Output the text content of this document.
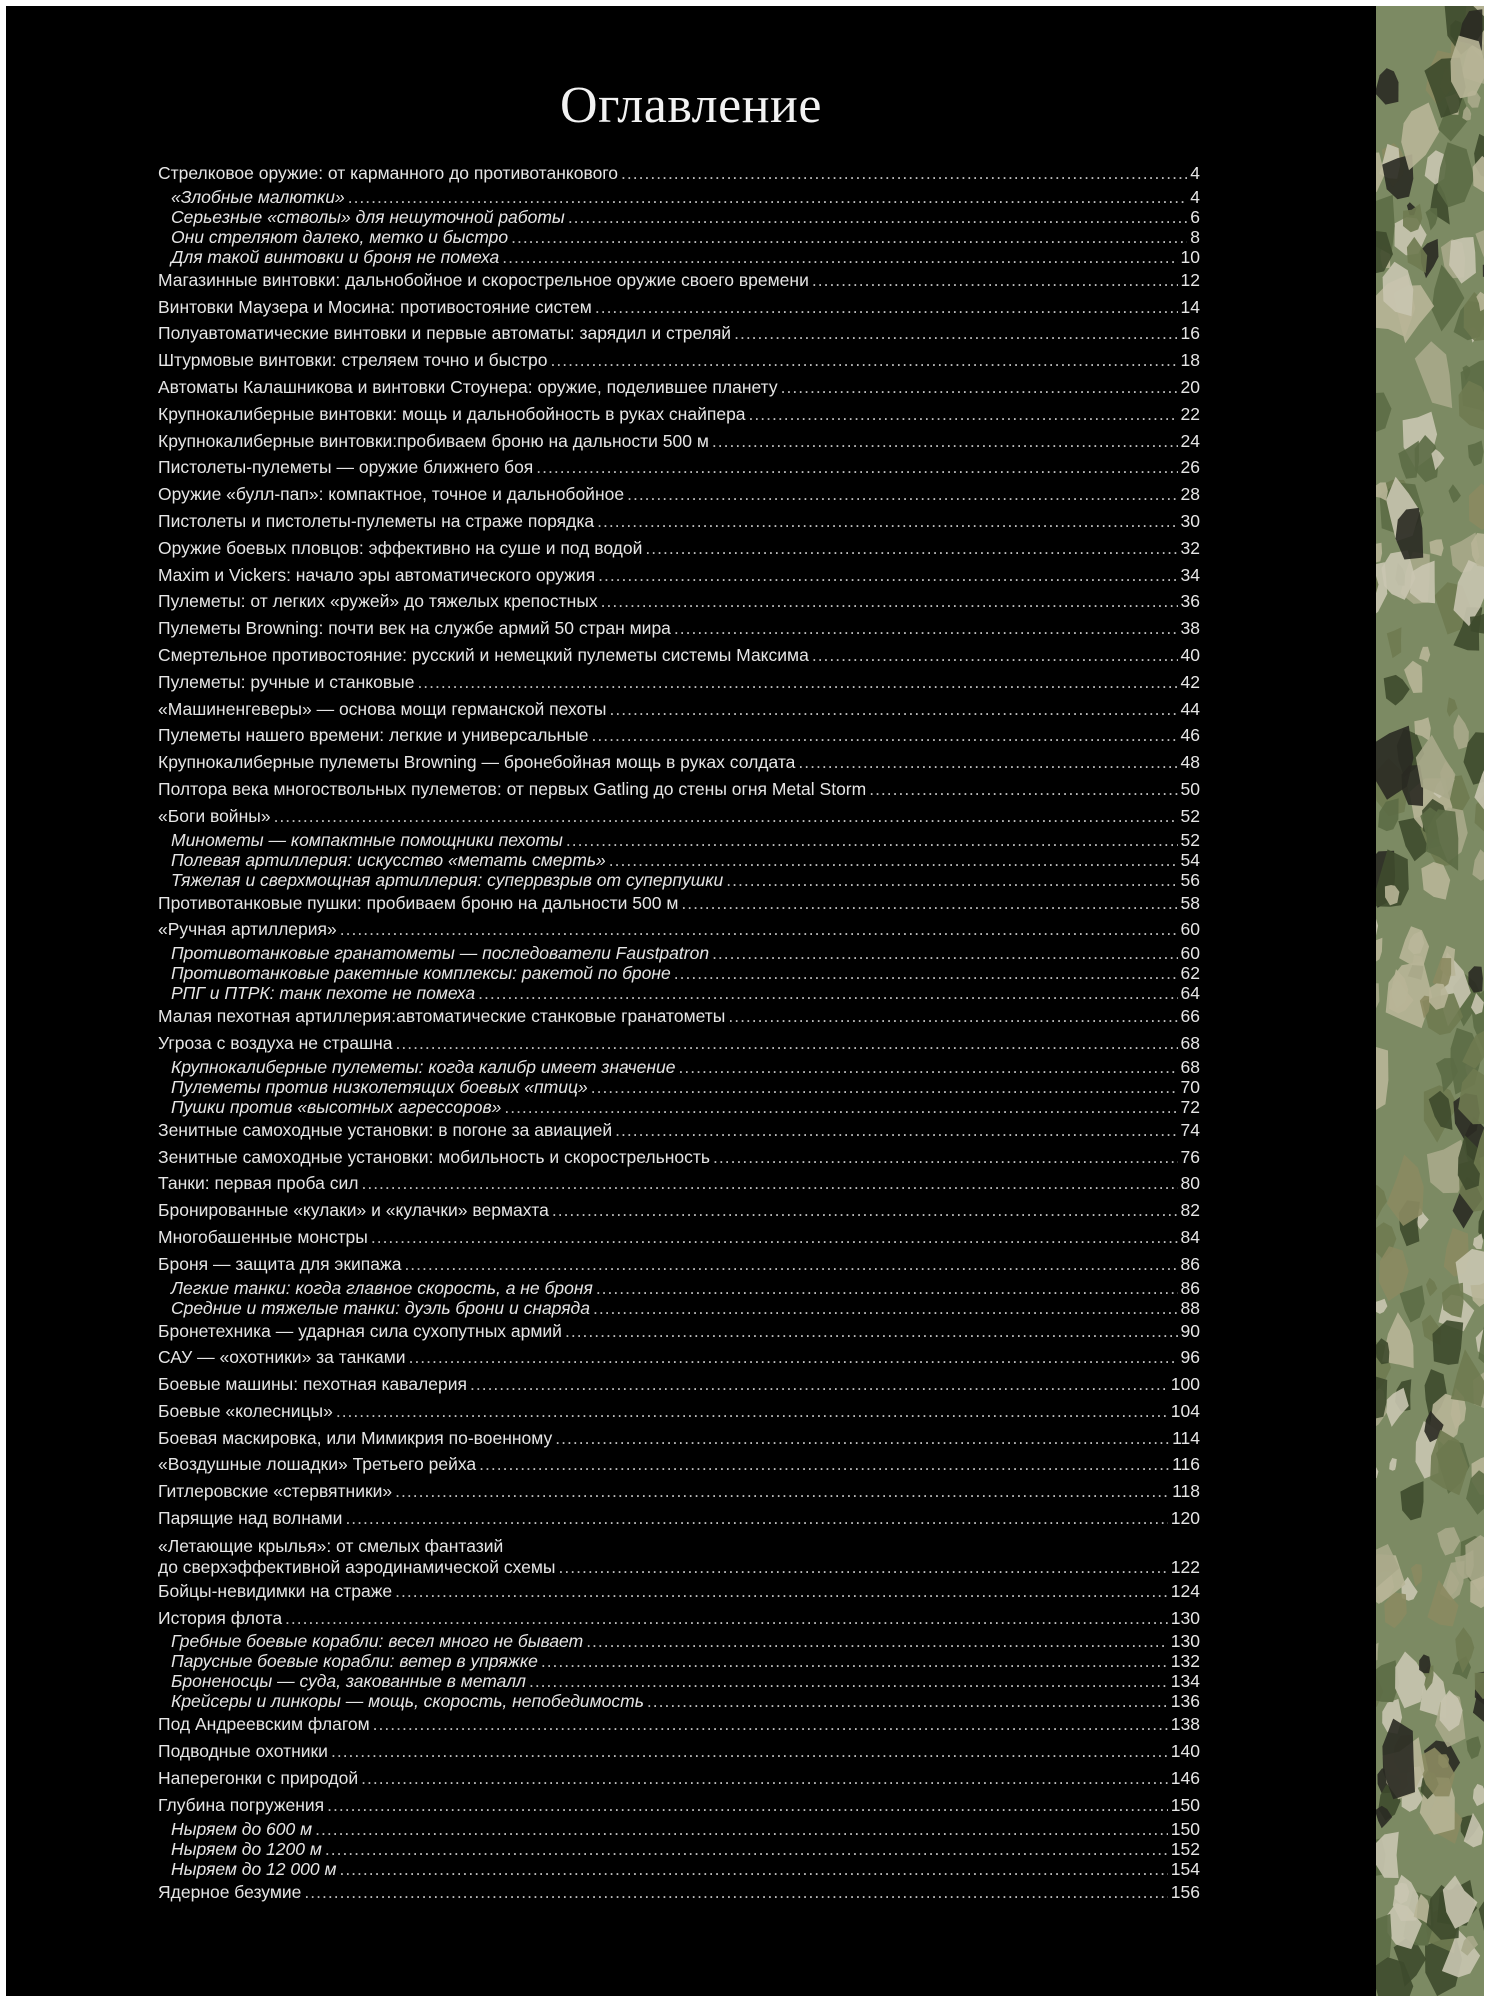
Оглавление
Стрелковое оружие: от карманного до противотанкового .....	4
«Злобные малютки» .....	4
Серьезные «стволы» для нешуточной работы .....	6
Они стреляют далеко, метко и быстро .....	8
Для такой винтовки и броня не помеха .....	10
Магазинные винтовки: дальнобойное и скорострельное оружие своего времени .....	12
Винтовки Маузера и Мосина: противостояние систем .....	14
Полуавтоматические винтовки и первые автоматы: зарядил и стреляй .....	16
Штурмовые винтовки: стреляем точно и быстро .....	18
Автоматы Калашникова и винтовки Стоунера: оружие, поделившее планету .....	20
Крупнокалиберные винтовки: мощь и дальнобойность в руках снайпера .....	22
Крупнокалиберные винтовки:пробиваем броню на дальности 500 м .....	24
Пистолеты-пулеметы — оружие ближнего боя .....	26
Оружие «булл-пап»: компактное, точное и дальнобойное .....	28
Пистолеты и пистолеты-пулеметы на страже порядка .....	30
Оружие боевых пловцов: эффективно на суше и под водой .....	32
Maxim и Vickers: начало эры автоматического оружия .....	34
Пулеметы: от легких «ружей» до тяжелых крепостных .....	36
Пулеметы Browning: почти век на службе армий 50 стран мира .....	38
Смертельное противостояние: русский и немецкий пулеметы системы Максима .....	40
Пулеметы: ручные и станковые .....	42
«Машиненгеверы» — основа мощи германской пехоты .....	44
Пулеметы нашего времени: легкие и универсальные .....	46
Крупнокалиберные пулеметы Browning — бронебойная мощь в руках солдата .....	48
Полтора века многоствольных пулеметов: от первых Gatling до стены огня Metal Storm .....	50
«Боги войны» .....	52
Минометы — компактные помощники пехоты .....	52
Полевая артиллерия: искусство «метать смерть» .....	54
Тяжелая и сверхмощная артиллерия: суперрвзрыв от суперпушки .....	56
Противотанковые пушки: пробиваем броню на дальности 500 м .....	58
«Ручная артиллерия» .....	60
Противотанковые гранатометы — последователи Faustpatron .....	60
Противотанковые ракетные комплексы: ракетой по броне .....	62
РПГ и ПТРК: танк пехоте не помеха .....	64
Малая пехотная артиллерия:автоматические станковые гранатометы .....	66
Угроза с воздуха не страшна .....	68
Крупнокалиберные пулеметы: когда калибр имеет значение .....	68
Пулеметы против низколетящих боевых «птиц» .....	70
Пушки против «высотных агрессоров» .....	72
Зенитные самоходные установки: в погоне за авиацией .....	74
Зенитные самоходные установки: мобильность и скорострельность .....	76
Танки: первая проба сил .....	80
Бронированные «кулаки» и «кулачки» вермахта .....	82
Многобашенные монстры .....	84
Броня — защита для экипажа .....	86
Легкие танки: когда главное скорость, а не броня .....	86
Средние и тяжелые танки: дуэль брони и снаряда .....	88
Бронетехника — ударная сила сухопутных армий .....	90
САУ — «охотники» за танками .....	96
Боевые машины: пехотная кавалерия .....	100
Боевые «колесницы» .....	104
Боевая маскировка, или Мимикрия по-военному .....	114
«Воздушные лошадки» Третьего рейха .....	116
Гитлеровские «стервятники» .....	118
Парящие над волнами .....	120
«Летающие крылья»: от смелых фантазий
до сверхэффективной аэродинамической схемы .....	122
Бойцы-невидимки на страже .....	124
История флота .....	130
Гребные боевые корабли: весел много не бывает .....	130
Парусные боевые корабли: ветер в упряжке .....	132
Броненосцы — суда, закованные в металл .....	134
Крейсеры и линкоры — мощь, скорость, непобедимость .....	136
Под Андреевским флагом .....	138
Подводные охотники .....	140
Наперегонки с природой .....	146
Глубина погружения .....	150
Ныряем до 600 м .....	150
Ныряем до 1200 м .....	152
Ныряем до 12 000 м .....	154
Ядерное безумие .....	156
